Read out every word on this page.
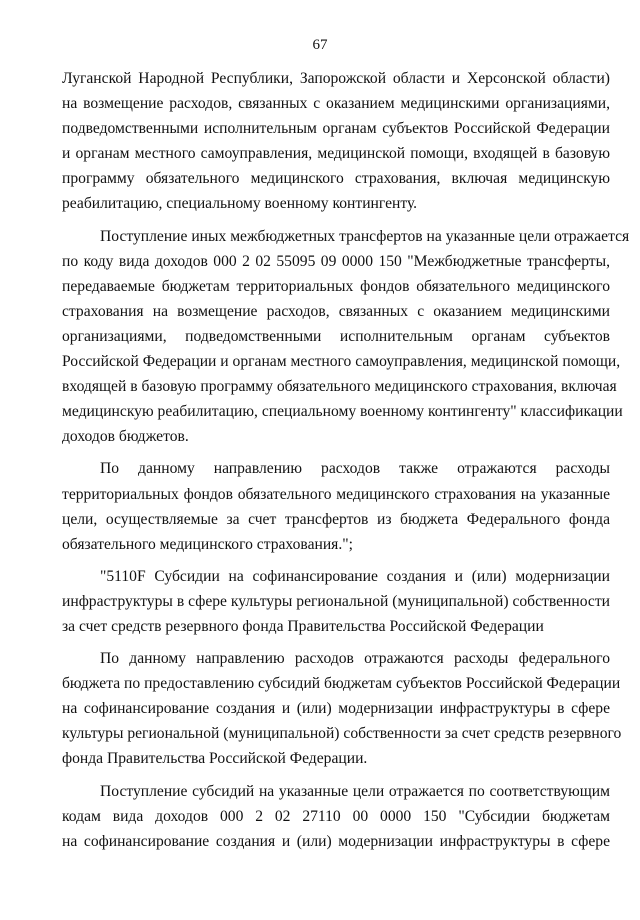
67
Луганской Народной Республики, Запорожской области и Херсонской области)
на возмещение расходов, связанных с оказанием медицинскими организациями,
подведомственными исполнительным органам субъектов Российской Федерации
и органам местного самоуправления, медицинской помощи, входящей в базовую
программу обязательного медицинского страхования, включая медицинскую
реабилитацию, специальному военному контингенту.
Поступление иных межбюджетных трансфертов на указанные цели отражается
по коду вида доходов 000 2 02 55095 09 0000 150 "Межбюджетные трансферты,
передаваемые бюджетам территориальных фондов обязательного медицинского
страхования на возмещение расходов, связанных с оказанием медицинскими
организациями, подведомственными исполнительным органам субъектов
Российской Федерации и органам местного самоуправления, медицинской помощи,
входящей в базовую программу обязательного медицинского страхования, включая
медицинскую реабилитацию, специальному военному контингенту" классификации
доходов бюджетов.
По данному направлению расходов также отражаются расходы
территориальных фондов обязательного медицинского страхования на указанные
цели, осуществляемые за счет трансфертов из бюджета Федерального фонда
обязательного медицинского страхования.";
"5110F Субсидии на софинансирование создания и (или) модернизации
инфраструктуры в сфере культуры региональной (муниципальной) собственности
за счет средств резервного фонда Правительства Российской Федерации
По данному направлению расходов отражаются расходы федерального
бюджета по предоставлению субсидий бюджетам субъектов Российской Федерации
на софинансирование создания и (или) модернизации инфраструктуры в сфере
культуры региональной (муниципальной) собственности за счет средств резервного
фонда Правительства Российской Федерации.
Поступление субсидий на указанные цели отражается по соответствующим
кодам вида доходов 000 2 02 27110 00 0000 150 "Субсидии бюджетам
на софинансирование создания и (или) модернизации инфраструктуры в сфере
